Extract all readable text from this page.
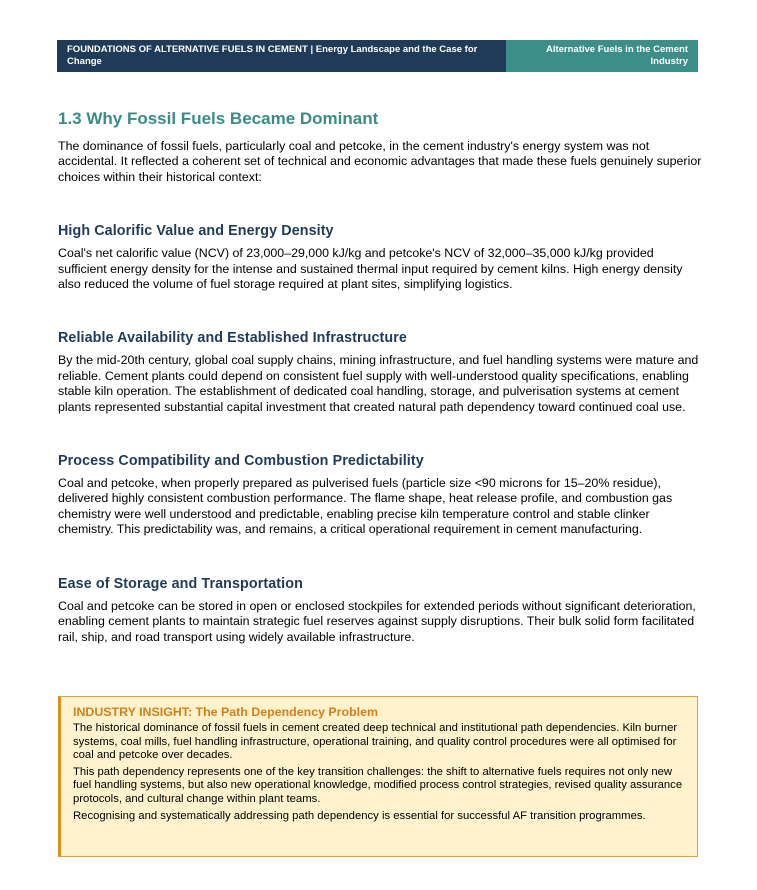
FOUNDATIONS OF ALTERNATIVE FUELS IN CEMENT | Energy Landscape and the Case for Change
Alternative Fuels in the Cement Industry
1.3 Why Fossil Fuels Became Dominant

The dominance of fossil fuels, particularly coal and petcoke, in the cement industry's energy system was not accidental. It reflected a coherent set of technical and economic advantages that made these fuels genuinely superior choices within their historical context:

High Calorific Value and Energy Density

Coal's net calorific value (NCV) of 23,000–29,000 kJ/kg and petcoke's NCV of 32,000–35,000 kJ/kg provided sufficient energy density for the intense and sustained thermal input required by cement kilns. High energy density also reduced the volume of fuel storage required at plant sites, simplifying logistics.

Reliable Availability and Established Infrastructure

By the mid-20th century, global coal supply chains, mining infrastructure, and fuel handling systems were mature and reliable. Cement plants could depend on consistent fuel supply with well-understood quality specifications, enabling stable kiln operation. The establishment of dedicated coal handling, storage, and pulverisation systems at cement plants represented substantial capital investment that created natural path dependency toward continued coal use.

Process Compatibility and Combustion Predictability

Coal and petcoke, when properly prepared as pulverised fuels (particle size <90 microns for 15–20% residue), delivered highly consistent combustion performance. The flame shape, heat release profile, and combustion gas chemistry were well understood and predictable, enabling precise kiln temperature control and stable clinker chemistry. This predictability was, and remains, a critical operational requirement in cement manufacturing.

Ease of Storage and Transportation

Coal and petcoke can be stored in open or enclosed stockpiles for extended periods without significant deterioration, enabling cement plants to maintain strategic fuel reserves against supply disruptions. Their bulk solid form facilitated rail, ship, and road transport using widely available infrastructure.

INDUSTRY INSIGHT: The Path Dependency Problem

The historical dominance of fossil fuels in cement created deep technical and institutional path dependencies. Kiln burner systems, coal mills, fuel handling infrastructure, operational training, and quality control procedures were all optimised for coal and petcoke over decades.

This path dependency represents one of the key transition challenges: the shift to alternative fuels requires not only new fuel handling systems, but also new operational knowledge, modified process control strategies, revised quality assurance protocols, and cultural change within plant teams.

Recognising and systematically addressing path dependency is essential for successful AF transition programmes.
